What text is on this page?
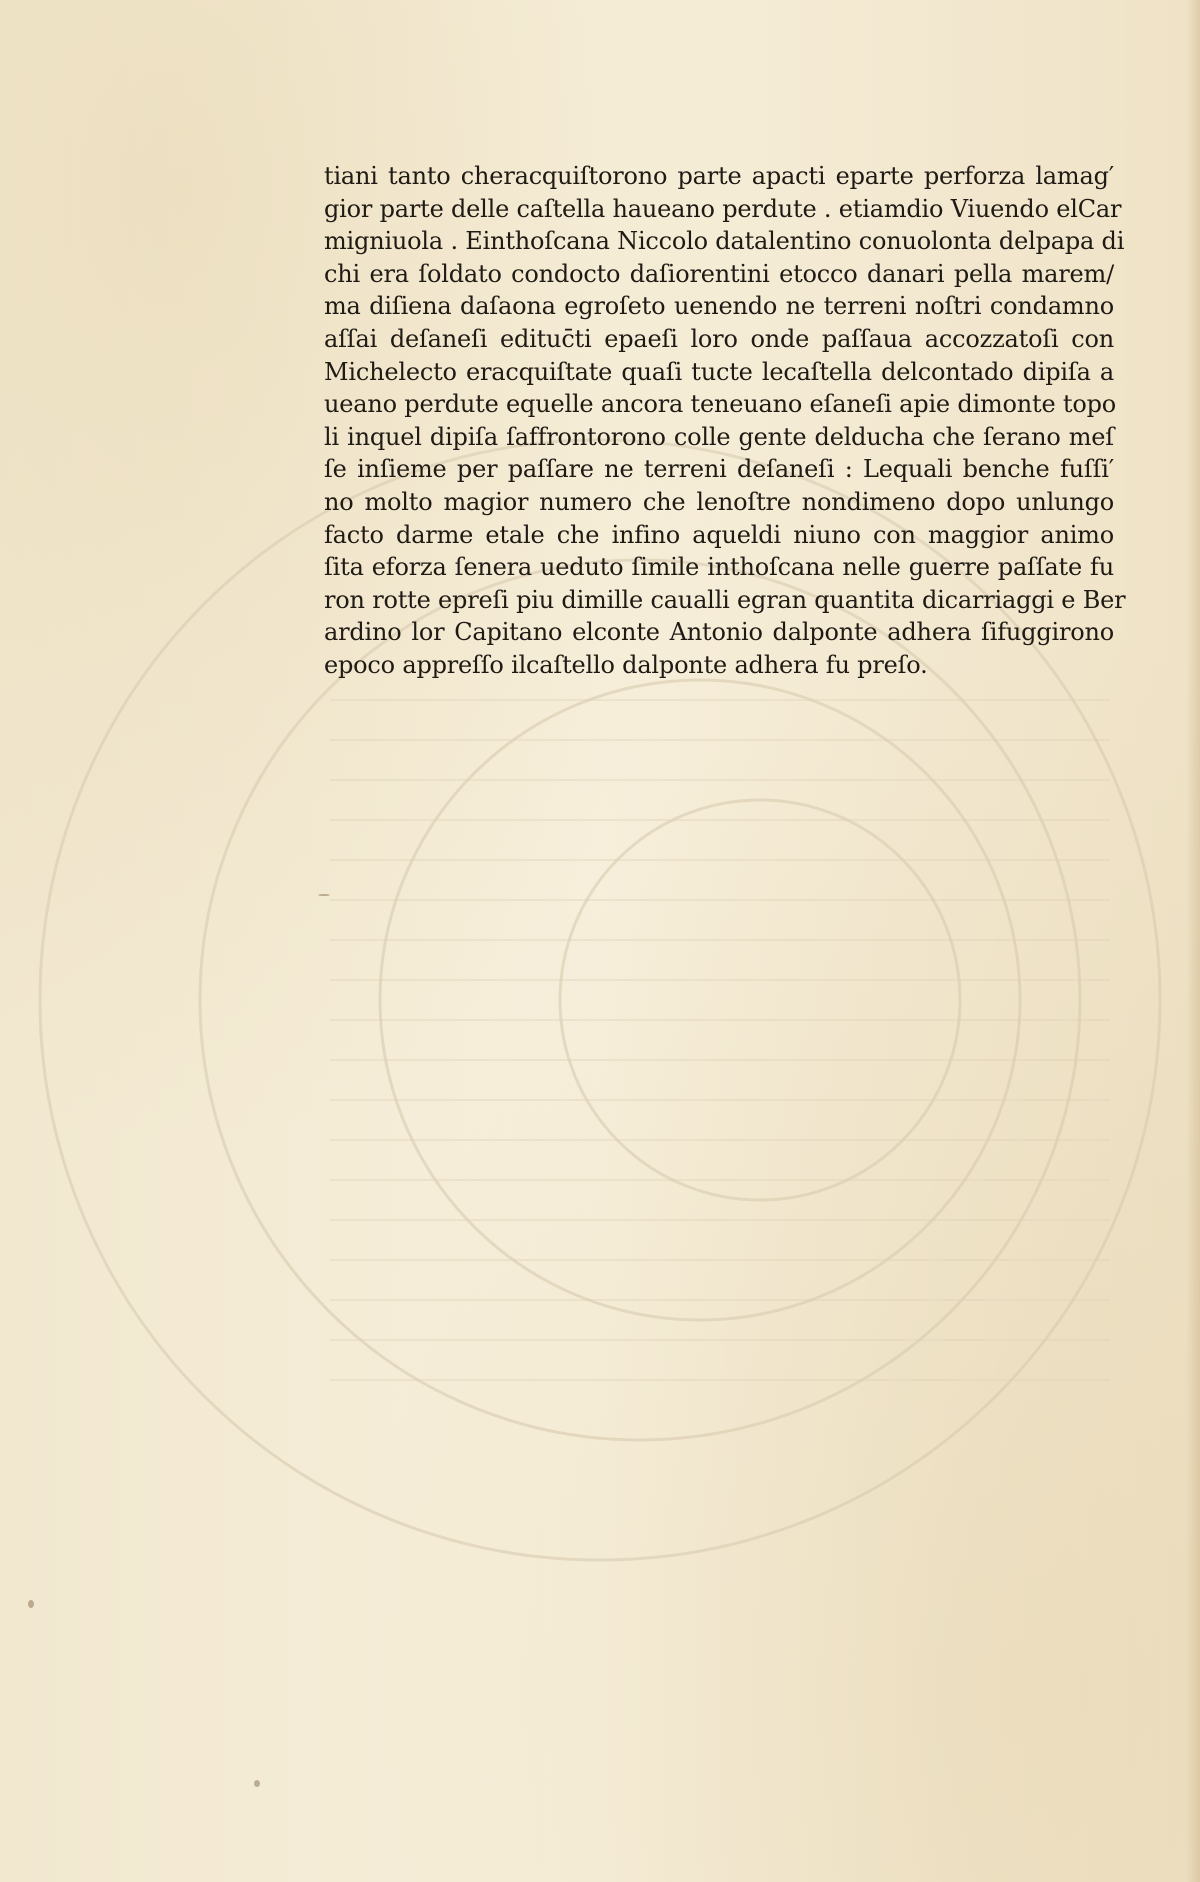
tiani tanto cheracquiſtorono parte apacti eparte perforza lamag′
gior parte delle caſtella haueano perdute . etiamdio Viuendo elCar
migniuola . Einthoſcana Niccolo datalentino conuolonta delpapa di
chi era ſoldato condocto daſiorentini etocco danari pella marem∕
ma diſiena daſaona egroſeto uenendo ne terreni noſtri condamno
aſſai deſaneſi edituc̄ti epaeſi loro onde paſſaua accozzatoſi con
Michelecto eracquiſtate quaſi tucte lecaſtella delcontado dipiſa a
ueano perdute equelle ancora teneuano eſaneſi apie dimonte topo
li inquel dipiſa ſaffrontorono colle gente delducha che ſerano meſ
ſe inſieme per paſſare ne terreni deſaneſi : Lequali benche fuſſi′
no molto magior numero che lenoſtre nondimeno dopo unlungo
facto darme etale che infino aqueldi niuno con maggior animo
ſita eforza ſenera ueduto ſimile inthoſcana nelle guerre paſſate fu
ron rotte epreſi piu dimille caualli egran quantita dicarriaggi e Ber
ardino lor Capitano elconte Antonio dalponte adhera ſifuggirono
epoco appreſſo ilcaſtello dalponte adhera fu preſo.
